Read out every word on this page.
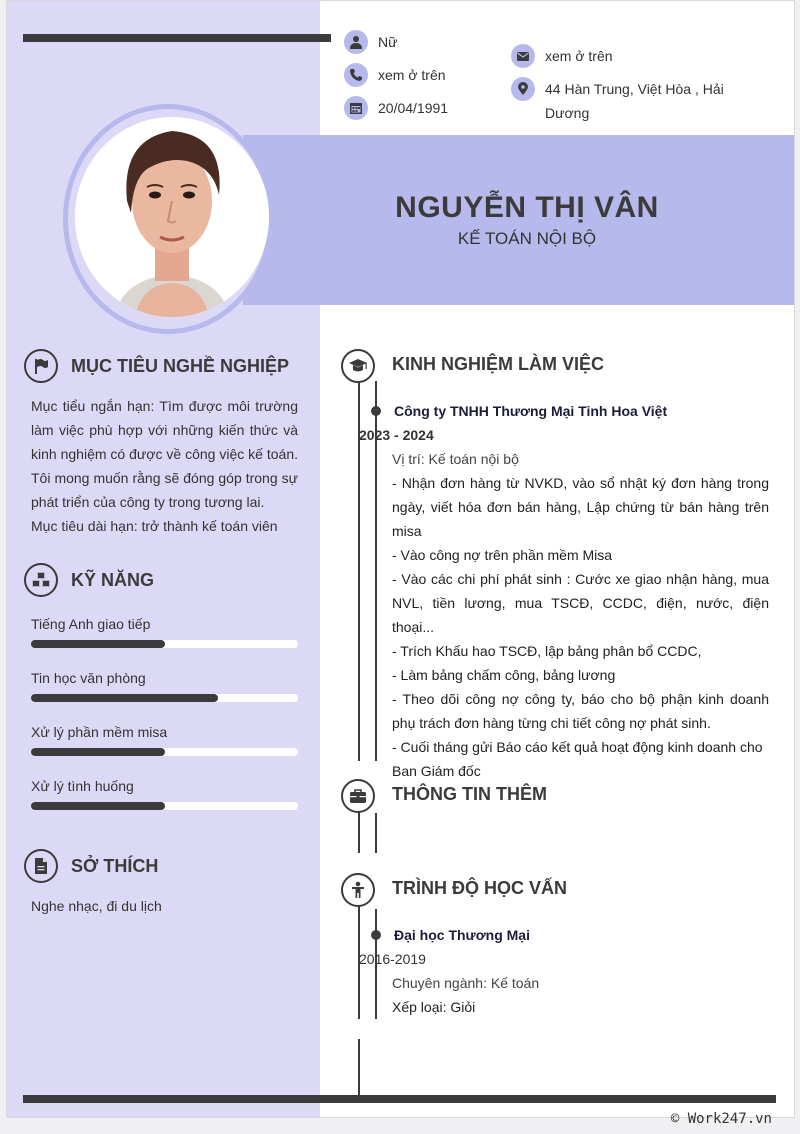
Nữ
xem ở trên
20/04/1991
xem ở trên
44 Hàn Trung, Việt Hòa , Hải Dương
NGUYỄN THỊ VÂN
KẾ TOÁN NỘI BỘ
MỤC TIÊU NGHỀ NGHIỆP
Mục tiểu ngắn hạn: Tìm được môi trường làm việc phù hợp với những kiến thức và kinh nghiệm có được về công việc kế toán. Tôi mong muốn rằng sẽ đóng góp trong sự phát triển của công ty trong tương lai.
Mục tiêu dài hạn: trở thành kế toán viên
KỸ NĂNG
Tiếng Anh giao tiếp
Tin học văn phòng
Xử lý phần mềm misa
Xử lý tình huống
SỞ THÍCH
Nghe nhạc, đi du lịch
KINH NGHIỆM LÀM VIỆC
Công ty TNHH Thương Mại Tinh Hoa Việt
2023 - 2024
Vị trí: Kế toán nội bộ
- Nhận đơn hàng từ NVKD, vào sổ nhật ký đơn hàng trong ngày, viết hóa đơn bán hàng, Lập chứng từ bán hàng trên misa
- Vào công nợ trên phần mềm Misa
- Vào các chi phí phát sinh : Cước xe giao nhận hàng, mua NVL, tiền lương, mua TSCĐ, CCDC, điện, nước, điện thoại...
- Trích Khấu hao TSCĐ, lập bảng phân bổ CCDC,
- Làm bảng chấm công, bảng lương
- Theo dõi công nợ công ty, báo cho bộ phận kinh doanh phụ trách đơn hàng từng chi tiết công nợ phát sinh.
- Cuối tháng gửi Báo cáo kết quả hoạt động kinh doanh cho Ban Giám đốc
THÔNG TIN THÊM
TRÌNH ĐỘ HỌC VẤN
Đại học Thương Mại
2016-2019
Chuyên ngành: Kế toán
Xếp loại: Giỏi
© Work247.vn
